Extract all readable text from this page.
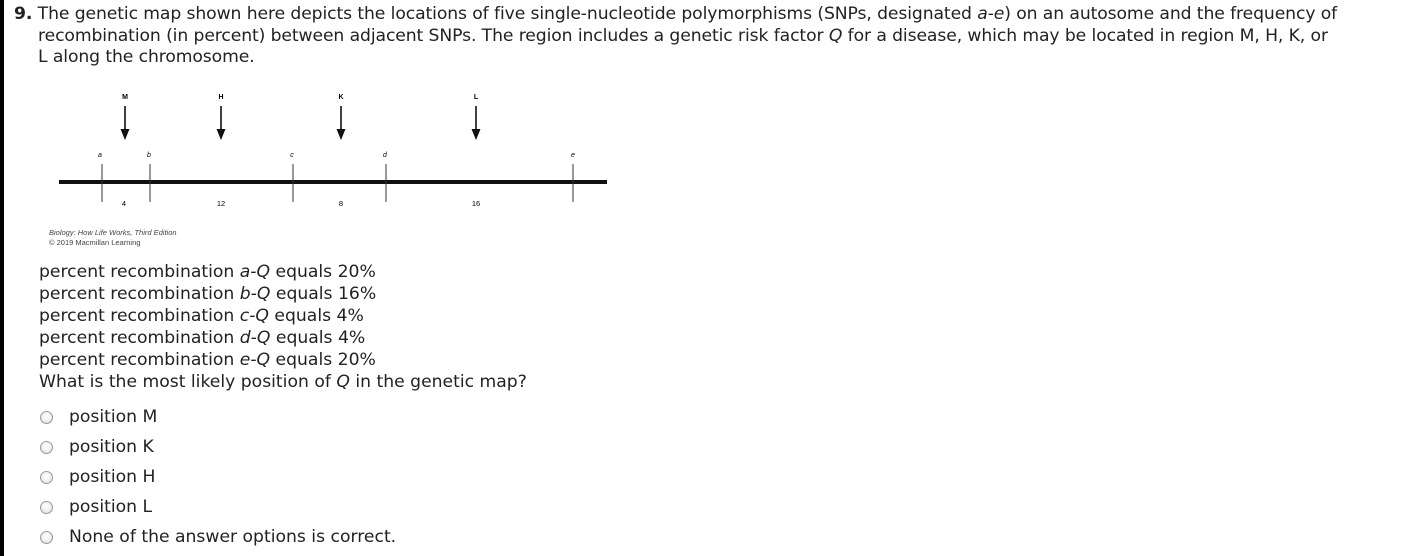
9. The genetic map shown here depicts the locations of five single-nucleotide polymorphisms (SNPs, designated a-e) on an autosome and the frequency of
recombination (in percent) between adjacent SNPs. The region includes a genetic risk factor Q for a disease, which may be located in region M, H, K, or
L along the chromosome.
M	H	K	L
a	b	c	d	e
4	12	8	16
Biology: How Life Works, Third Edition
© 2019 Macmillan Learning
percent recombination a-Q equals 20%
percent recombination b-Q equals 16%
percent recombination c-Q equals 4%
percent recombination d-Q equals 4%
percent recombination e-Q equals 20%
What is the most likely position of Q in the genetic map?
position M
position K
position H
position L
None of the answer options is correct.
